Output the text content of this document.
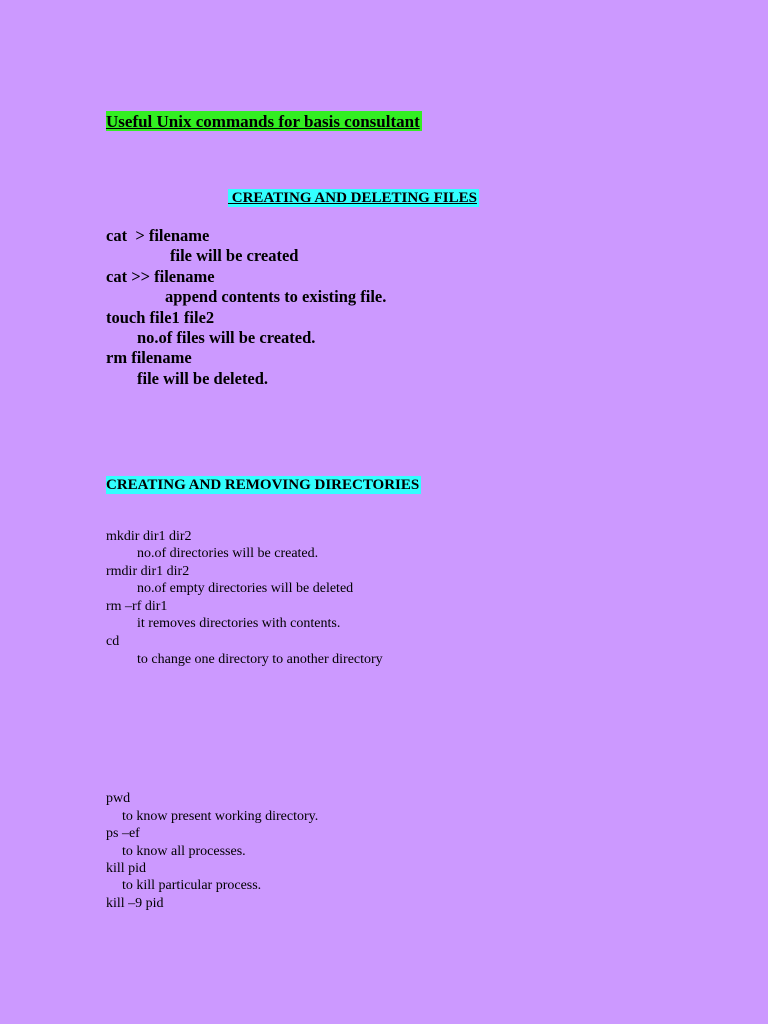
Useful Unix commands for basis consultant
CREATING AND DELETING FILES
cat  > filename
file will be created
cat >> filename
append contents to existing file.
touch file1 file2
no.of files will be created.
rm filename
file will be deleted.
CREATING AND REMOVING DIRECTORIES
mkdir dir1 dir2
no.of directories will be created.
rmdir dir1 dir2
no.of empty directories will be deleted
rm –rf dir1
it removes directories with contents.
cd
to change one directory to another directory
pwd
to know present working directory.
ps –ef
to know all processes.
kill pid
to kill particular process.
kill –9 pid
